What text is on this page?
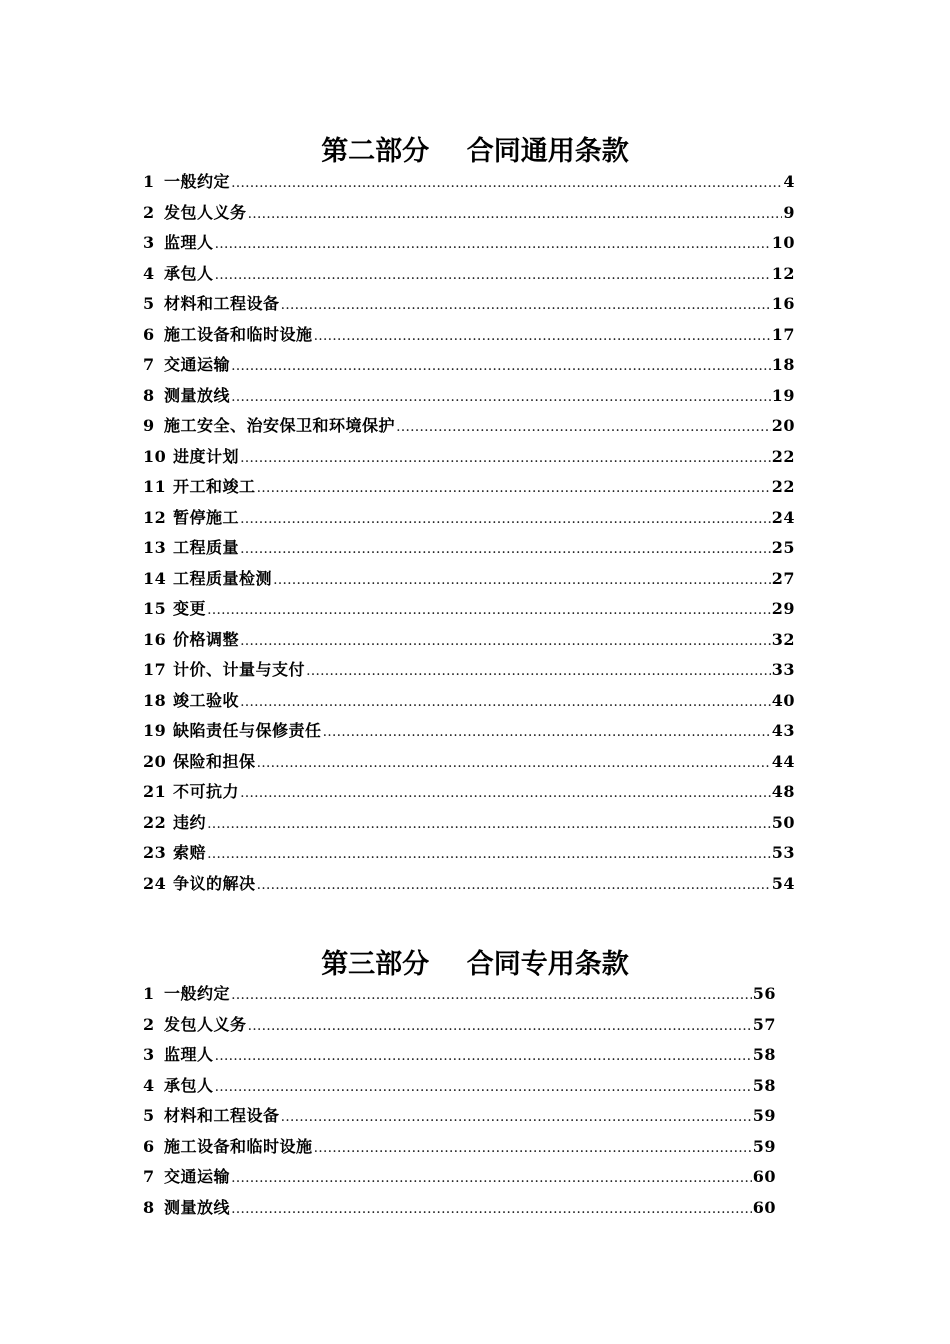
第二部分    合同通用条款
1 一般约定 …………………………………………………………………………………………………………………………………………………………………………	4
2 发包人义务 …………………………………………………………………………………………………………………………………………………………………………	9
3 监理人 …………………………………………………………………………………………………………………………………………………………………………	10
4 承包人 …………………………………………………………………………………………………………………………………………………………………………	12
5 材料和工程设备 …………………………………………………………………………………………………………………………………………………………………………	16
6 施工设备和临时设施 …………………………………………………………………………………………………………………………………………………………………………	17
7 交通运输 …………………………………………………………………………………………………………………………………………………………………………	18
8 测量放线 …………………………………………………………………………………………………………………………………………………………………………	19
9 施工安全、治安保卫和环境保护 …………………………………………………………………………………………………………………………………………………………………………	20
10 进度计划 …………………………………………………………………………………………………………………………………………………………………………	22
11 开工和竣工 …………………………………………………………………………………………………………………………………………………………………………	22
12 暂停施工 …………………………………………………………………………………………………………………………………………………………………………	24
13 工程质量 …………………………………………………………………………………………………………………………………………………………………………	25
14 工程质量检测 …………………………………………………………………………………………………………………………………………………………………………	27
15 变更 …………………………………………………………………………………………………………………………………………………………………………	29
16 价格调整 …………………………………………………………………………………………………………………………………………………………………………	32
17 计价、计量与支付 …………………………………………………………………………………………………………………………………………………………………………	33
18 竣工验收 …………………………………………………………………………………………………………………………………………………………………………	40
19 缺陷责任与保修责任 …………………………………………………………………………………………………………………………………………………………………………	43
20 保险和担保 …………………………………………………………………………………………………………………………………………………………………………	44
21 不可抗力 …………………………………………………………………………………………………………………………………………………………………………	48
22 违约 …………………………………………………………………………………………………………………………………………………………………………	50
23 索赔 …………………………………………………………………………………………………………………………………………………………………………	53
24 争议的解决 …………………………………………………………………………………………………………………………………………………………………………	54
第三部分    合同专用条款
1 一般约定 …………………………………………………………………………………………………………………………………………………………………………	56
2 发包人义务 …………………………………………………………………………………………………………………………………………………………………………	57
3 监理人 …………………………………………………………………………………………………………………………………………………………………………	58
4 承包人 …………………………………………………………………………………………………………………………………………………………………………	58
5 材料和工程设备 …………………………………………………………………………………………………………………………………………………………………………	59
6 施工设备和临时设施 …………………………………………………………………………………………………………………………………………………………………………	59
7 交通运输 …………………………………………………………………………………………………………………………………………………………………………	60
8 测量放线 …………………………………………………………………………………………………………………………………………………………………………	60
